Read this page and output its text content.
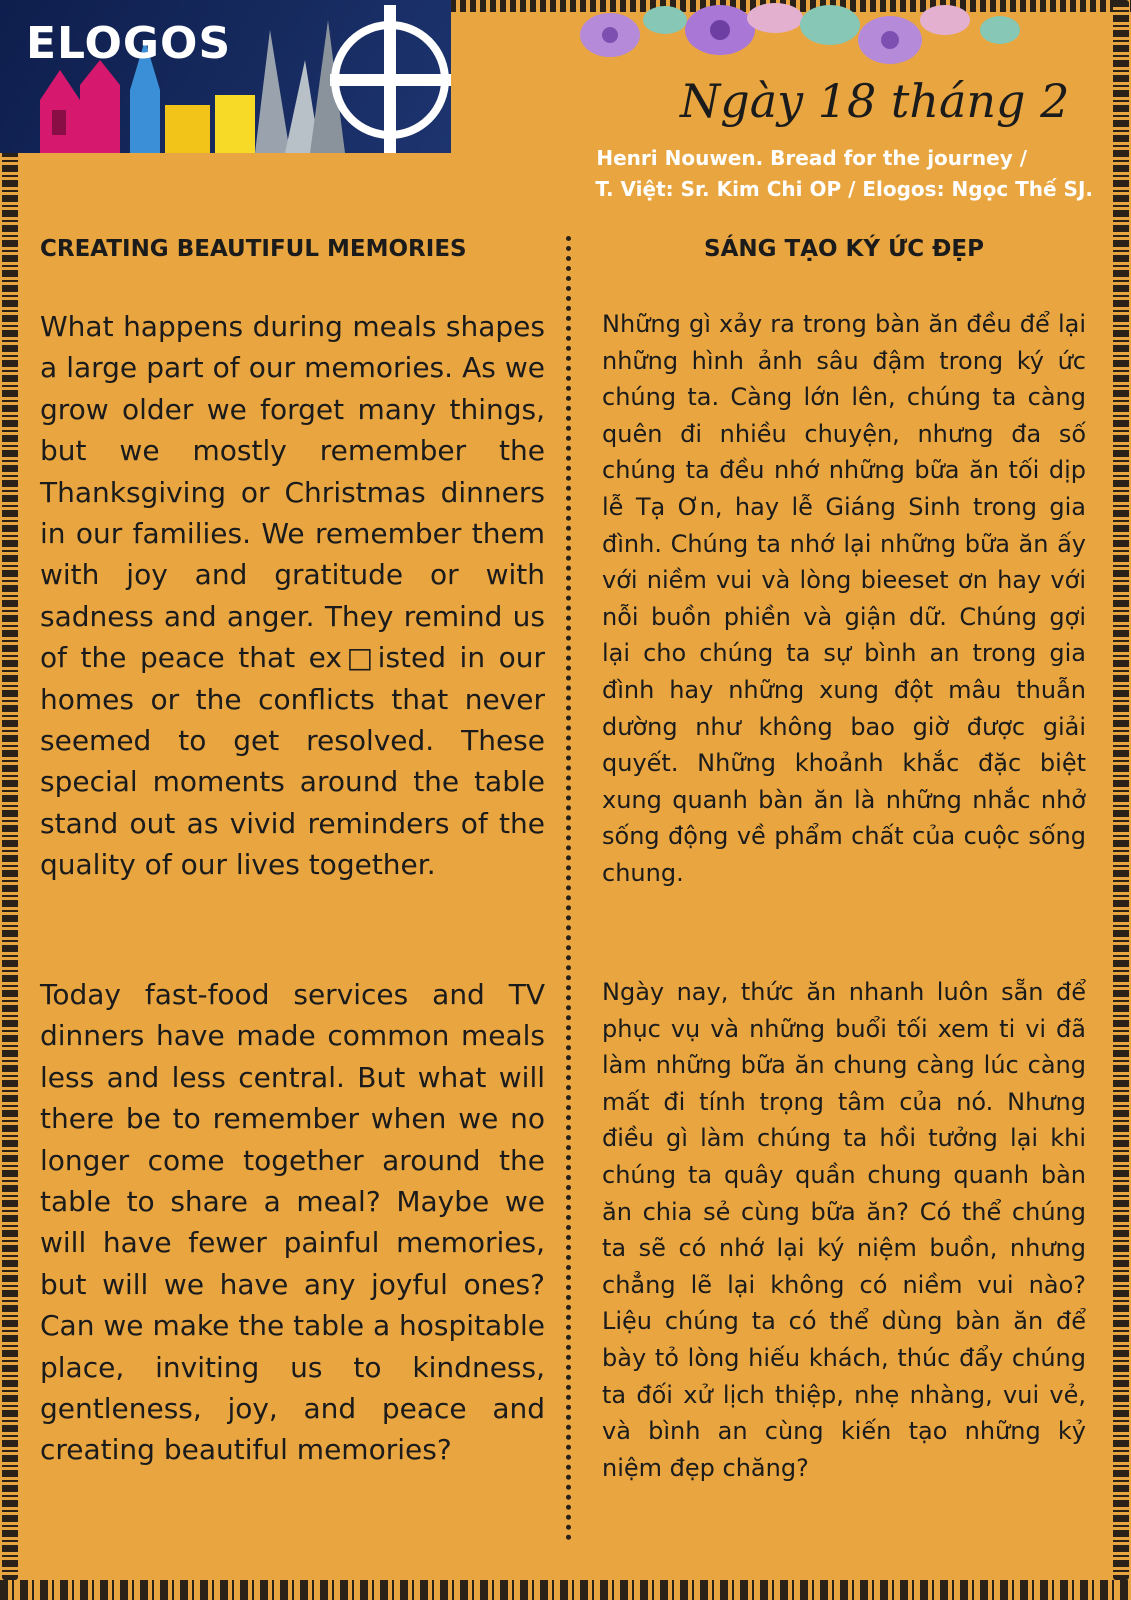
ELOGOS
Ngày 18 tháng 2
Henri Nouwen. Bread for the journey /
T. Việt: Sr. Kim Chi OP / Elogos: Ngọc Thế SJ.
CREATING BEAUTIFUL MEMORIES

What happens during meals shapes a large part of our memories. As we grow older we forget many things, but we mostly remember the Thanksgiving or Christmas dinners in our families. We remember them with joy and gratitude or with sadness and anger. They remind us of the peace that ex□isted in our homes or the conflicts that never seemed to get resolved. These special moments around the table stand out as vivid reminders of the quality of our lives together.

Today fast-food services and TV dinners have made common meals less and less central. But what will there be to remember when we no longer come together around the table to share a meal? Maybe we will have fewer painful memories, but will we have any joyful ones? Can we make the table a hospitable place, inviting us to kindness, gentleness, joy, and peace and creating beautiful memories?

SÁNG TẠO KÝ ỨC ĐẸP

Những gì xảy ra trong bàn ăn đều để lại những hình ảnh sâu đậm trong ký ức chúng ta. Càng lớn lên, chúng ta càng quên đi nhiều chuyện, nhưng đa số chúng ta đều nhớ những bữa ăn tối dịp lễ Tạ Ơn, hay lễ Giáng Sinh trong gia đình. Chúng ta nhớ lại những bữa ăn ấy với niềm vui và lòng bieeset ơn hay với nỗi buồn phiền và giận dữ. Chúng gợi lại cho chúng ta sự bình an trong gia đình hay những xung đột mâu thuẫn dường như không bao giờ được giải quyết. Những khoảnh khắc đặc biệt xung quanh bàn ăn là những nhắc nhở sống động về phẩm chất của cuộc sống chung.

Ngày nay, thức ăn nhanh luôn sẵn để phục vụ và những buổi tối xem ti vi đã làm những bữa ăn chung càng lúc càng mất đi tính trọng tâm của nó. Nhưng điều gì làm chúng ta hồi tưởng lại khi chúng ta quây quần chung quanh bàn ăn chia sẻ cùng bữa ăn? Có thể chúng ta sẽ có nhớ lại ký niệm buồn, nhưng chẳng lẽ lại không có niềm vui nào? Liệu chúng ta có thể dùng bàn ăn để bày tỏ lòng hiếu khách, thúc đẩy chúng ta đối xử lịch thiệp, nhẹ nhàng, vui vẻ, và bình an cùng kiến tạo những kỷ niệm đẹp chăng?
